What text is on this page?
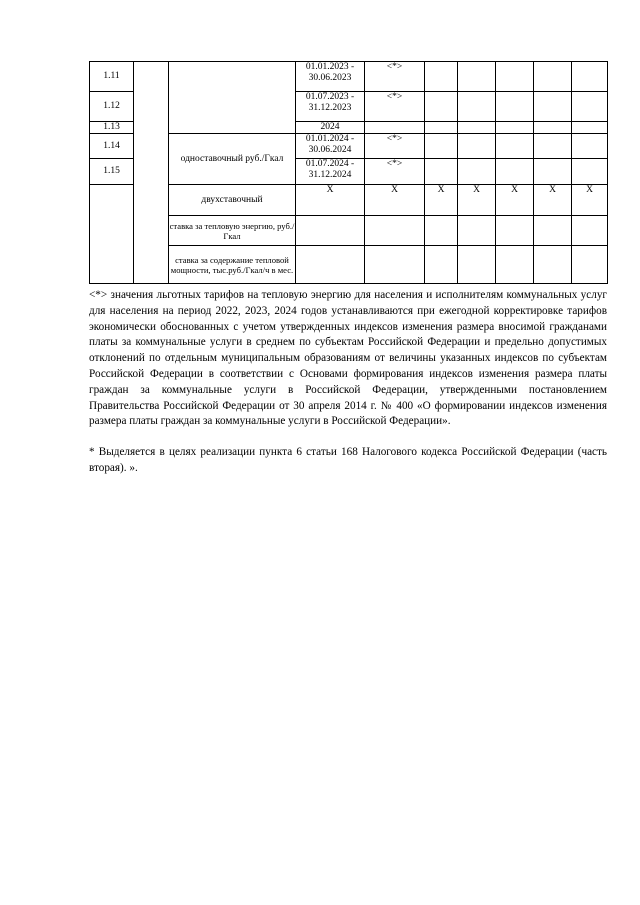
1.11			01.01.2023 - 30.06.2023	<*>					
1.12			01.07.2023 - 31.12.2023	<*>					
1.13			2024						
1.14		одноставочный руб./Гкал	01.01.2024 - 30.06.2024	<*>					
1.15			01.07.2024 - 31.12.2024	<*>					
		двухставочный	X	X	X	X	X	X	X
		ставка за тепловую энергию, руб./Гкал							
		ставка за содержание тепловой мощности, тыс.руб./Гкал/ч в мес.							

<*> значения льготных тарифов на тепловую энергию для населения и исполнителям коммунальных услуг для населения на период 2022, 2023, 2024 годов устанавливаются при ежегодной корректировке тарифов экономически обоснованных с учетом утвержденных индексов изменения размера вносимой гражданами платы за коммунальные услуги в среднем по субъектам Российской Федерации и предельно допустимых отклонений по отдельным муниципальным образованиям от величины указанных индексов по субъектам Российской Федерации в соответствии с Основами формирования индексов изменения размера платы граждан за коммунальные услуги в Российской Федерации, утвержденными постановлением Правительства Российской Федерации от 30 апреля 2014 г. № 400 «О формировании индексов изменения размера платы граждан за коммунальные услуги в Российской Федерации».

* Выделяется в целях реализации пункта 6 статьи 168 Налогового кодекса Российской Федерации (часть вторая). ».
